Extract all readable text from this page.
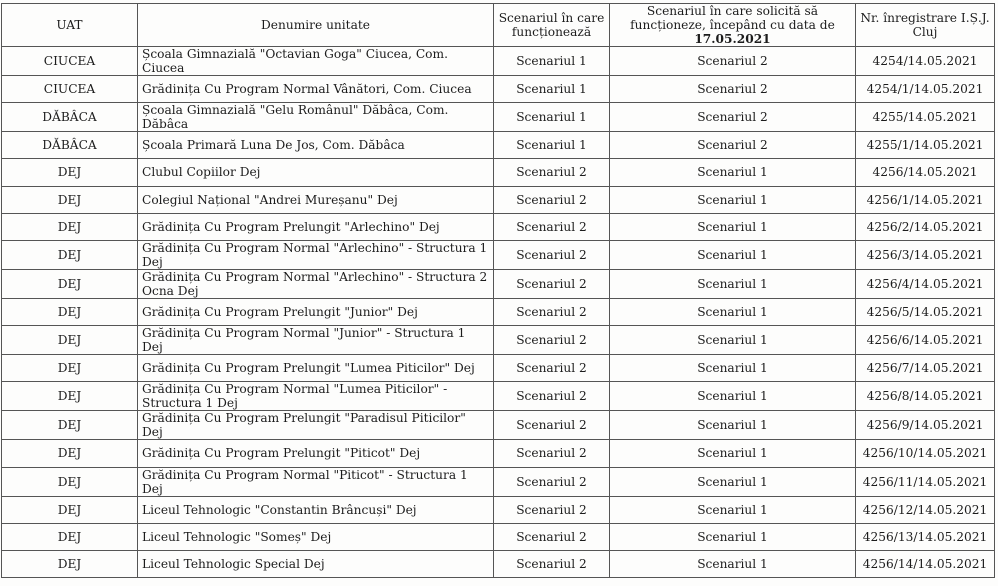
UAT	Denumire unitate	Scenariul în care funcționează	Scenariul în care solicită să funcționeze, începând cu data de 17.05.2021	Nr. înregistrare I.Ș.J. Cluj
CIUCEA	Școala Gimnazială "Octavian Goga" Ciucea, Com. Ciucea	Scenariul 1	Scenariul 2	4254/14.05.2021
CIUCEA	Grădinița Cu Program Normal Vânători, Com. Ciucea	Scenariul 1	Scenariul 2	4254/1/14.05.2021
DĂBÂCA	Școala Gimnazială "Gelu Românul" Dăbâca, Com. Dăbâca	Scenariul 1	Scenariul 2	4255/14.05.2021
DĂBÂCA	Școala Primară Luna De Jos, Com. Dăbâca	Scenariul 1	Scenariul 2	4255/1/14.05.2021
DEJ	Clubul Copiilor Dej	Scenariul 2	Scenariul 1	4256/14.05.2021
DEJ	Colegiul Național "Andrei Mureșanu" Dej	Scenariul 2	Scenariul 1	4256/1/14.05.2021
DEJ	Grădinița Cu Program Prelungit "Arlechino" Dej	Scenariul 2	Scenariul 1	4256/2/14.05.2021
DEJ	Grădinița Cu Program Normal "Arlechino" - Structura 1 Dej	Scenariul 2	Scenariul 1	4256/3/14.05.2021
DEJ	Grădinița Cu Program Normal "Arlechino" - Structura 2 Ocna Dej	Scenariul 2	Scenariul 1	4256/4/14.05.2021
DEJ	Grădinița Cu Program Prelungit "Junior" Dej	Scenariul 2	Scenariul 1	4256/5/14.05.2021
DEJ	Grădinița Cu Program Normal "Junior" - Structura 1 Dej	Scenariul 2	Scenariul 1	4256/6/14.05.2021
DEJ	Grădinița Cu Program Prelungit "Lumea Piticilor" Dej	Scenariul 2	Scenariul 1	4256/7/14.05.2021
DEJ	Grădinița Cu Program Normal "Lumea Piticilor" - Structura 1 Dej	Scenariul 2	Scenariul 1	4256/8/14.05.2021
DEJ	Grădinița Cu Program Prelungit "Paradisul Piticilor" Dej	Scenariul 2	Scenariul 1	4256/9/14.05.2021
DEJ	Grădinița Cu Program Prelungit "Piticot" Dej	Scenariul 2	Scenariul 1	4256/10/14.05.2021
DEJ	Grădinița Cu Program Normal "Piticot" - Structura 1 Dej	Scenariul 2	Scenariul 1	4256/11/14.05.2021
DEJ	Liceul Tehnologic "Constantin Brâncuși" Dej	Scenariul 2	Scenariul 1	4256/12/14.05.2021
DEJ	Liceul Tehnologic "Someș" Dej	Scenariul 2	Scenariul 1	4256/13/14.05.2021
DEJ	Liceul Tehnologic Special Dej	Scenariul 2	Scenariul 1	4256/14/14.05.2021
